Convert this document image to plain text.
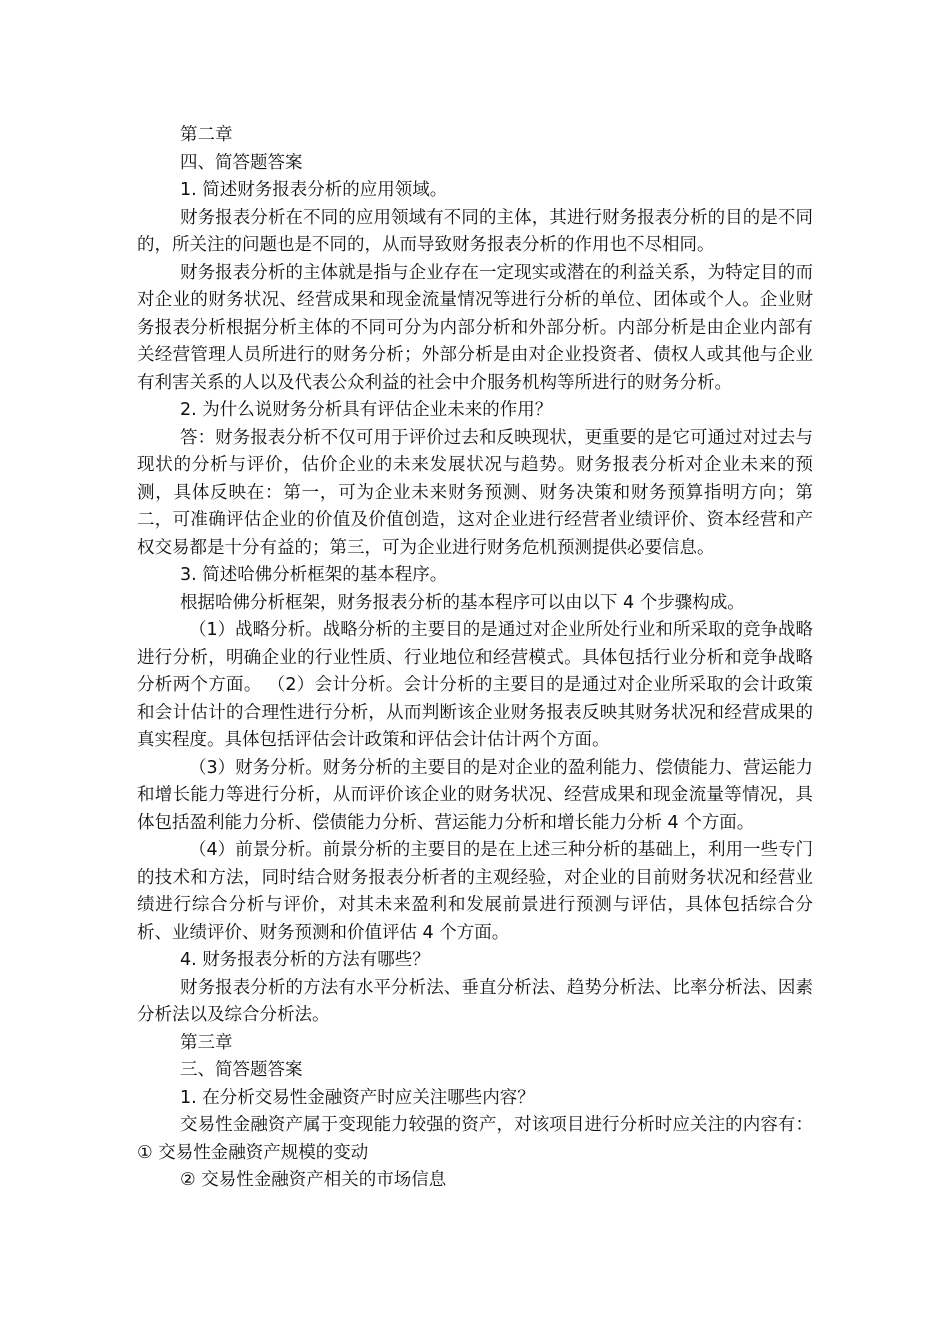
第二章

四、简答题答案

1. 简述财务报表分析的应用领域。

财务报表分析在不同的应用领域有不同的主体，其进行财务报表分析的目的是不同的，所关注的问题也是不同的，从而导致财务报表分析的作用也不尽相同。

财务报表分析的主体就是指与企业存在一定现实或潜在的利益关系，为特定目的而对企业的财务状况、经营成果和现金流量情况等进行分析的单位、团体或个人。企业财务报表分析根据分析主体的不同可分为内部分析和外部分析。内部分析是由企业内部有关经营管理人员所进行的财务分析；外部分析是由对企业投资者、债权人或其他与企业有利害关系的人以及代表公众利益的社会中介服务机构等所进行的财务分析。

2. 为什么说财务分析具有评估企业未来的作用？

答：财务报表分析不仅可用于评价过去和反映现状，更重要的是它可通过对过去与现状的分析与评价，估价企业的未来发展状况与趋势。财务报表分析对企业未来的预测，具体反映在：第一，可为企业未来财务预测、财务决策和财务预算指明方向；第二，可准确评估企业的价值及价值创造，这对企业进行经营者业绩评价、资本经营和产权交易都是十分有益的；第三，可为企业进行财务危机预测提供必要信息。

3. 简述哈佛分析框架的基本程序。

根据哈佛分析框架，财务报表分析的基本程序可以由以下 4 个步骤构成。

（1）战略分析。战略分析的主要目的是通过对企业所处行业和所采取的竞争战略进行分析，明确企业的行业性质、行业地位和经营模式。具体包括行业分析和竞争战略分析两个方面。 （2）会计分析。会计分析的主要目的是通过对企业所采取的会计政策和会计估计的合理性进行分析，从而判断该企业财务报表反映其财务状况和经营成果的真实程度。具体包括评估会计政策和评估会计估计两个方面。

（3）财务分析。财务分析的主要目的是对企业的盈利能力、偿债能力、营运能力和增长能力等进行分析，从而评价该企业的财务状况、经营成果和现金流量等情况，具体包括盈利能力分析、偿债能力分析、营运能力分析和增长能力分析 4 个方面。

（4）前景分析。前景分析的主要目的是在上述三种分析的基础上，利用一些专门的技术和方法，同时结合财务报表分析者的主观经验，对企业的目前财务状况和经营业绩进行综合分析与评价，对其未来盈利和发展前景进行预测与评估，具体包括综合分析、业绩评价、财务预测和价值评估 4 个方面。

4. 财务报表分析的方法有哪些？

财务报表分析的方法有水平分析法、垂直分析法、趋势分析法、比率分析法、因素分析法以及综合分析法。

第三章

三、简答题答案

1. 在分析交易性金融资产时应关注哪些内容？

交易性金融资产属于变现能力较强的资产，对该项目进行分析时应关注的内容有： ① 交易性金融资产规模的变动

② 交易性金融资产相关的市场信息
